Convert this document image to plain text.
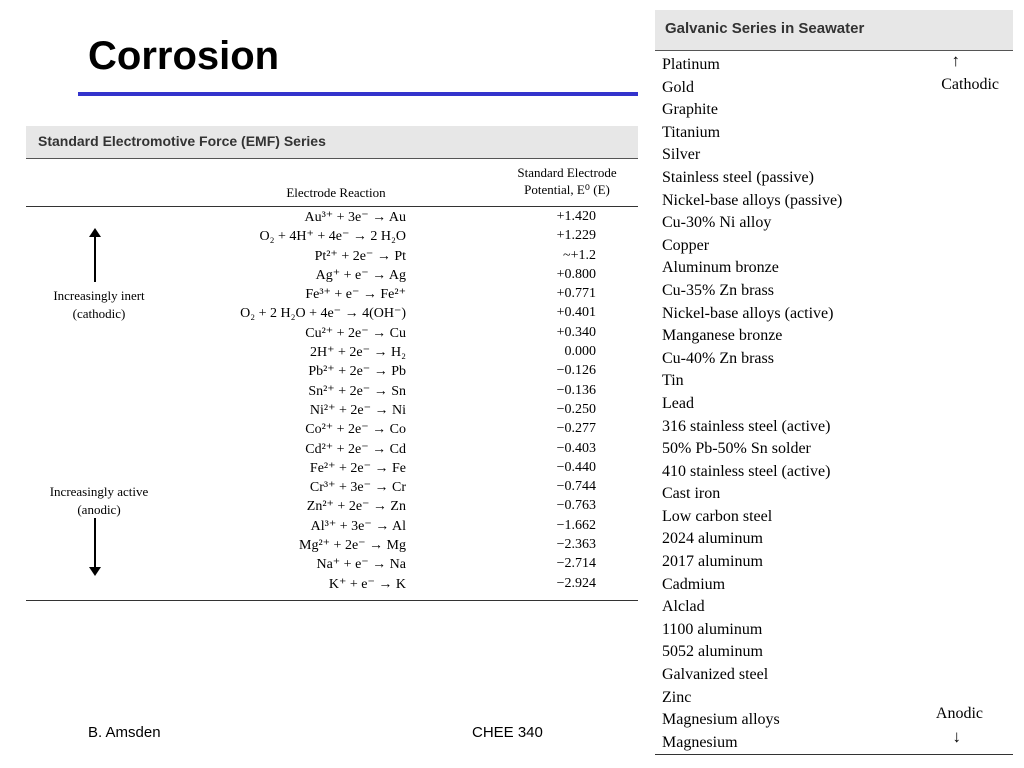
Corrosion
Standard Electromotive Force (EMF) Series
Electrode Reaction
Standard Electrode
Potential, E⁰ (E)
Au³⁺ + 3e⁻ → Au	+1.420
O₂ + 4H⁺ + 4e⁻ → 2 H₂O	+1.229
Pt²⁺ + 2e⁻ → Pt	~+1.2
Ag⁺ + e⁻ → Ag	+0.800
Fe³⁺ + e⁻ → Fe²⁺	+0.771
O₂ + 2 H₂O + 4e⁻ → 4(OH⁻)	+0.401
Cu²⁺ + 2e⁻ → Cu	+0.340
2H⁺ + 2e⁻ → H₂	0.000
Pb²⁺ + 2e⁻ → Pb	−0.126
Sn²⁺ + 2e⁻ → Sn	−0.136
Ni²⁺ + 2e⁻ → Ni	−0.250
Co²⁺ + 2e⁻ → Co	−0.277
Cd²⁺ + 2e⁻ → Cd	−0.403
Fe²⁺ + 2e⁻ → Fe	−0.440
Cr³⁺ + 3e⁻ → Cr	−0.744
Zn²⁺ + 2e⁻ → Zn	−0.763
Al³⁺ + 3e⁻ → Al	−1.662
Mg²⁺ + 2e⁻ → Mg	−2.363
Na⁺ + e⁻ → Na	−2.714
K⁺ + e⁻ → K	−2.924
Increasingly inert
(cathodic)
Increasingly active
(anodic)
Galvanic Series in Seawater
↑
Cathodic
Platinum
Gold
Graphite
Titanium
Silver
Stainless steel (passive)
Nickel-base alloys (passive)
Cu-30% Ni alloy
Copper
Aluminum bronze
Cu-35% Zn brass
Nickel-base alloys (active)
Manganese bronze
Cu-40% Zn brass
Tin
Lead
316 stainless steel (active)
50% Pb-50% Sn solder
410 stainless steel (active)
Cast iron
Low carbon steel
2024 aluminum
2017 aluminum
Cadmium
Alclad
1100 aluminum
5052 aluminum
Galvanized steel
Zinc
Magnesium alloys
Magnesium
Anodic
↓
B. Amsden	CHEE 340
